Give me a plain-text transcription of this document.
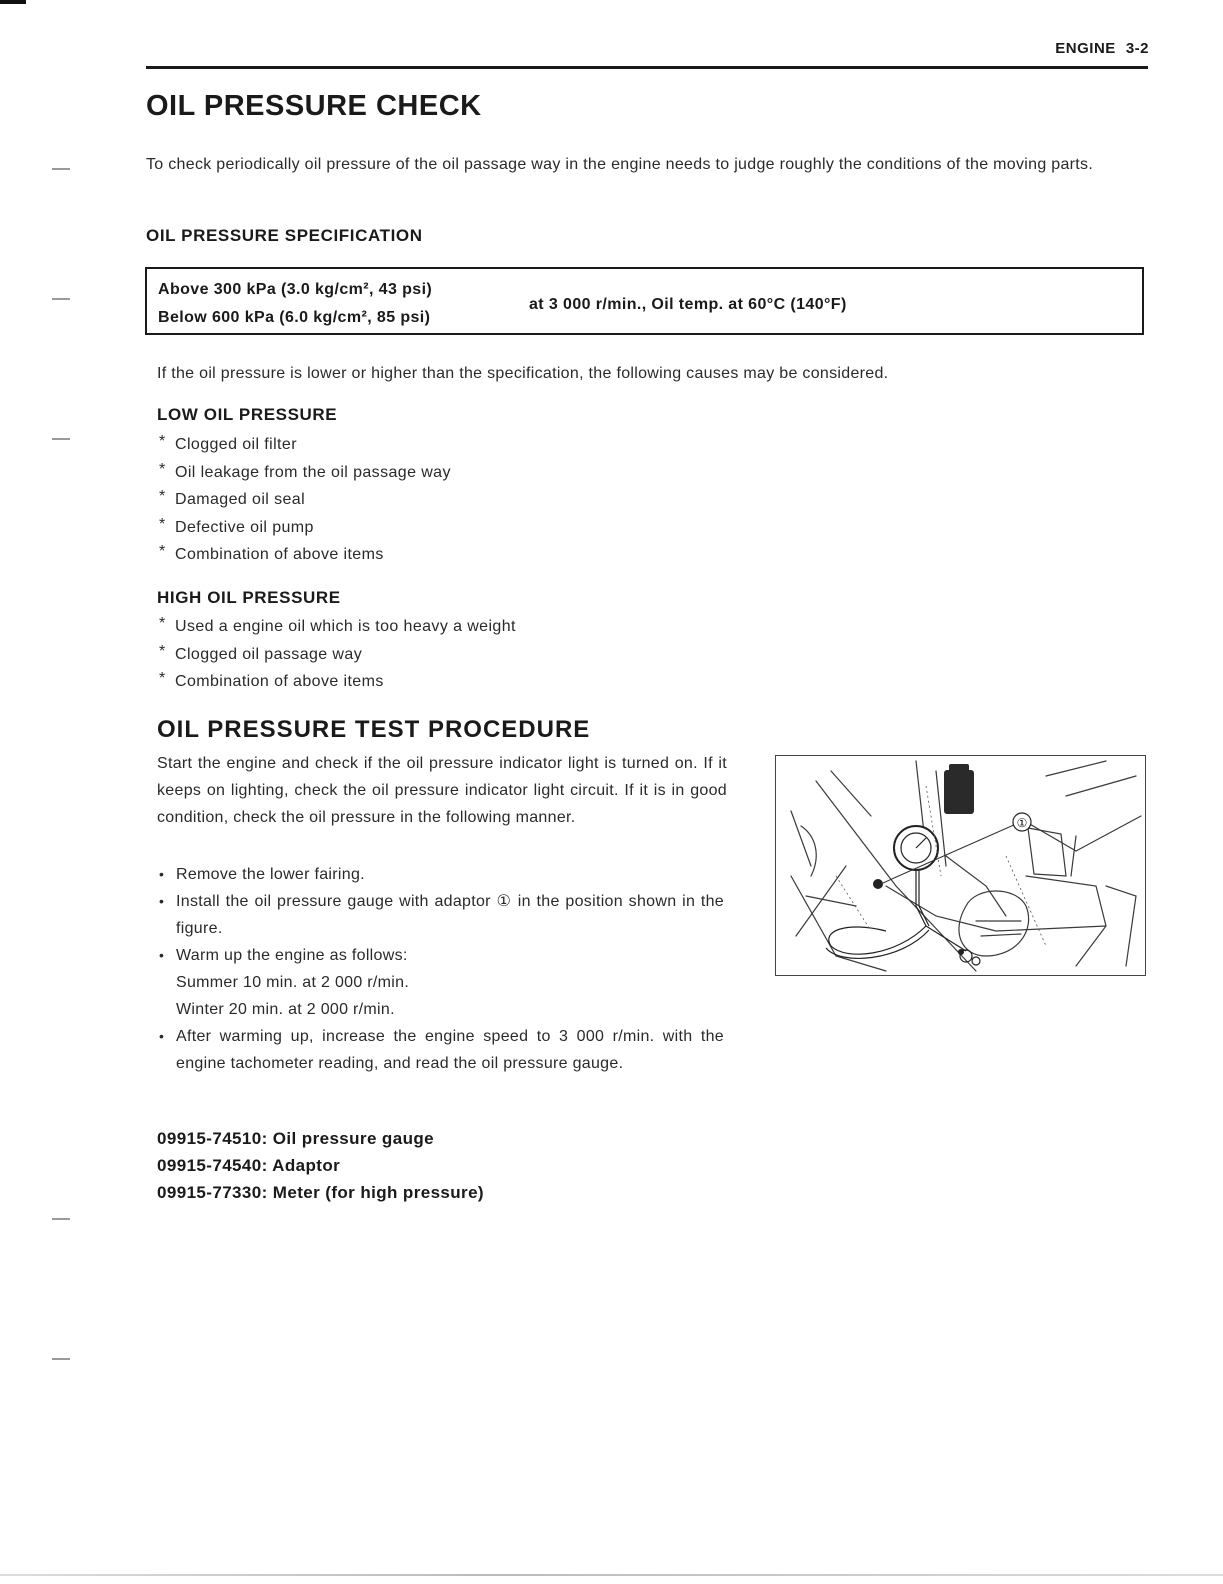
ENGINE 3-2
OIL PRESSURE CHECK
To check periodically oil pressure of the oil passage way in the engine needs to judge roughly the conditions of the moving parts.
OIL PRESSURE SPECIFICATION
Above 300 kPa (3.0 kg/cm², 43 psi)
Below 600 kPa (6.0 kg/cm², 85 psi)
at 3 000 r/min., Oil temp. at 60°C (140°F)
If the oil pressure is lower or higher than the specification, the following causes may be considered.
LOW OIL PRESSURE
* Clogged oil filter
* Oil leakage from the oil passage way
* Damaged oil seal
* Defective oil pump
* Combination of above items
HIGH OIL PRESSURE
* Used a engine oil which is too heavy a weight
* Clogged oil passage way
* Combination of above items
OIL PRESSURE TEST PROCEDURE
Start the engine and check if the oil pressure indicator light is turned on. If it keeps on lighting, check the oil pressure indicator light circuit. If it is in good condition, check the oil pressure in the following manner.
• Remove the lower fairing.
• Install the oil pressure gauge with adaptor ① in the position shown in the figure.
• Warm up the engine as follows:
Summer 10 min. at 2 000 r/min.
Winter 20 min. at 2 000 r/min.
• After warming up, increase the engine speed to 3 000 r/min. with the engine tachometer reading, and read the oil pressure gauge.
09915-74510: Oil pressure gauge
09915-74540: Adaptor
09915-77330: Meter (for high pressure)
①
